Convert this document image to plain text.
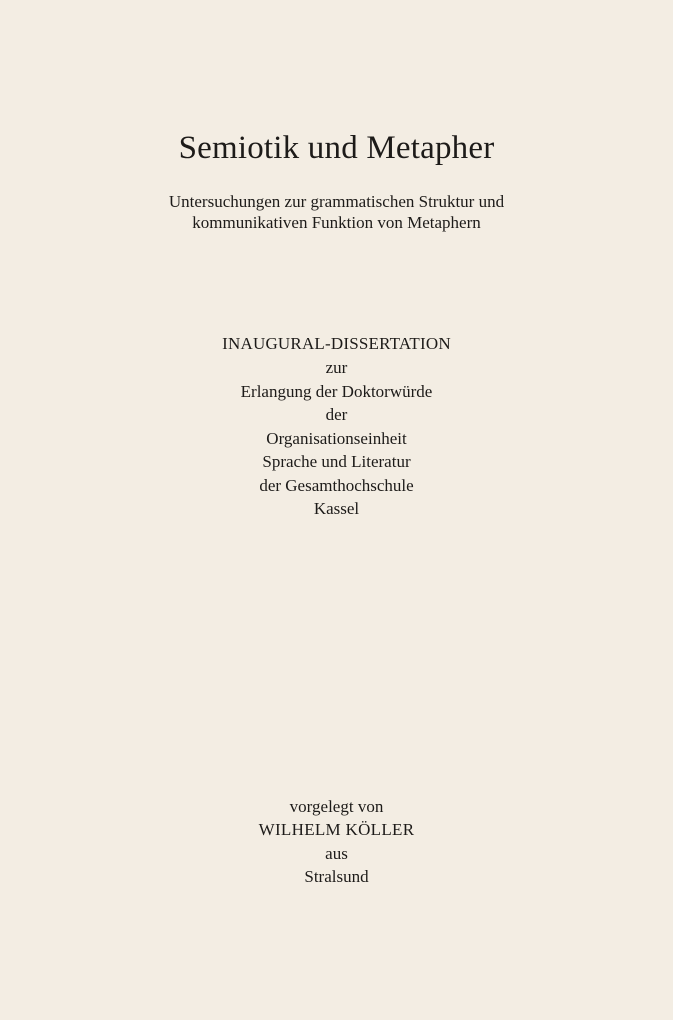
Semiotik und Metapher
Untersuchungen zur grammatischen Struktur und
kommunikativen Funktion von Metaphern
INAUGURAL-DISSERTATION
zur
Erlangung der Doktorwürde
der
Organisationseinheit
Sprache und Literatur
der Gesamthochschule
Kassel
vorgelegt von
WILHELM KÖLLER
aus
Stralsund
